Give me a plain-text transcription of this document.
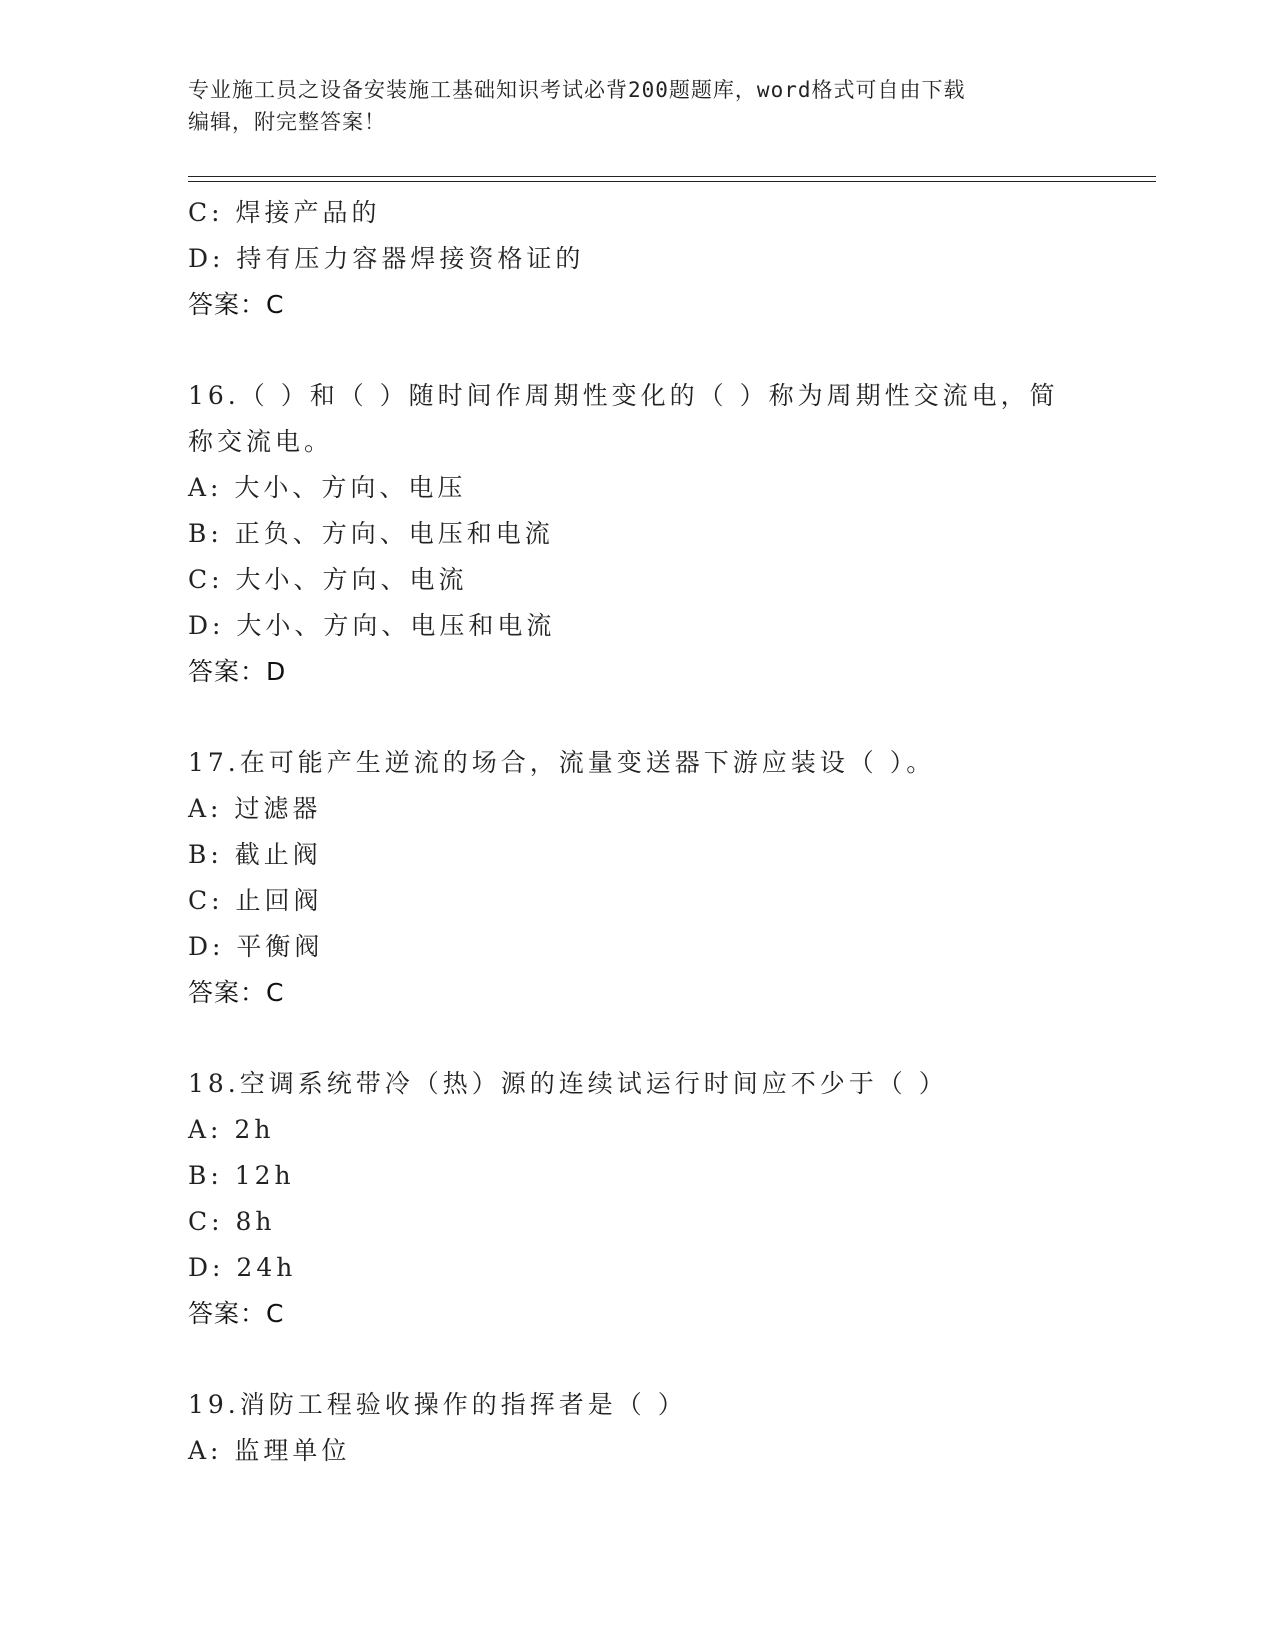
专业施工员之设备安装施工基础知识考试必背200题题库，word格式可自由下载
编辑，附完整答案！
C: 焊接产品的
D: 持有压力容器焊接资格证的
答案：C
16.（ ）和（ ）随时间作周期性变化的（ ）称为周期性交流电，简
称交流电。
A: 大小、方向、电压
B: 正负、方向、电压和电流
C: 大小、方向、电流
D: 大小、方向、电压和电流
答案：D
17.在可能产生逆流的场合，流量变送器下游应装设（ ）。
A: 过滤器
B: 截止阀
C: 止回阀
D: 平衡阀
答案：C
18.空调系统带冷（热）源的连续试运行时间应不少于（ ）
A: 2h
B: 12h
C: 8h
D: 24h
答案：C
19.消防工程验收操作的指挥者是（ ）
A: 监理单位
